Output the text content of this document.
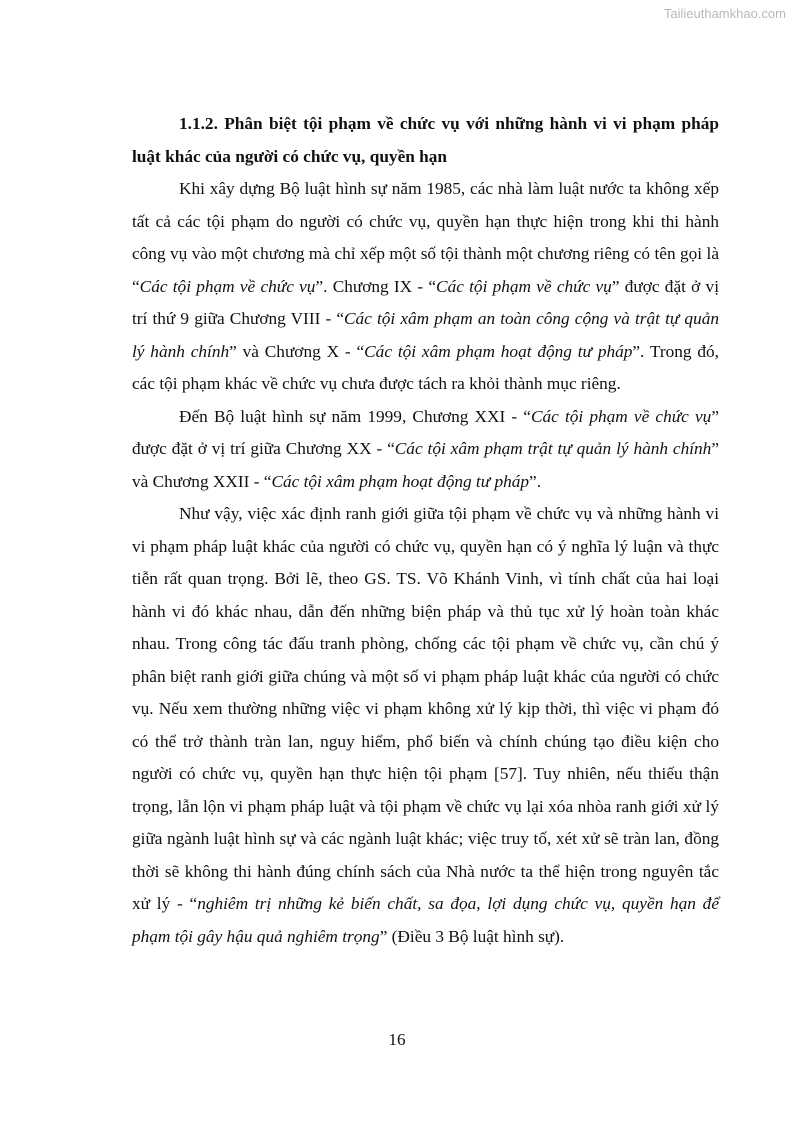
Tailieuthamkhao.com

1.1.2. Phân biệt tội phạm về chức vụ với những hành vi vi phạm pháp luật khác của người có chức vụ, quyền hạn

Khi xây dựng Bộ luật hình sự năm 1985, các nhà làm luật nước ta không xếp tất cả các tội phạm do người có chức vụ, quyền hạn thực hiện trong khi thi hành công vụ vào một chương mà chỉ xếp một số tội thành một chương riêng có tên gọi là “Các tội phạm về chức vụ”. Chương IX - “Các tội phạm về chức vụ” được đặt ở vị trí thứ 9 giữa Chương VIII - “Các tội xâm phạm an toàn công cộng và trật tự quản lý hành chính” và Chương X - “Các tội xâm phạm hoạt động tư pháp”. Trong đó, các tội phạm khác về chức vụ chưa được tách ra khỏi thành mục riêng.

Đến Bộ luật hình sự năm 1999, Chương XXI - “Các tội phạm về chức vụ” được đặt ở vị trí giữa Chương XX - “Các tội xâm phạm trật tự quản lý hành chính” và Chương XXII - “Các tội xâm phạm hoạt động tư pháp”.

Như vậy, việc xác định ranh giới giữa tội phạm về chức vụ và những hành vi vi phạm pháp luật khác của người có chức vụ, quyền hạn có ý nghĩa lý luận và thực tiễn rất quan trọng. Bởi lẽ, theo GS. TS. Võ Khánh Vinh, vì tính chất của hai loại hành vi đó khác nhau, dẫn đến những biện pháp và thủ tục xử lý hoàn toàn khác nhau. Trong công tác đấu tranh phòng, chống các tội phạm về chức vụ, cần chú ý phân biệt ranh giới giữa chúng và một số vi phạm pháp luật khác của người có chức vụ. Nếu xem thường những việc vi phạm không xử lý kịp thời, thì việc vi phạm đó có thể trở thành tràn lan, nguy hiểm, phổ biến và chính chúng tạo điều kiện cho người có chức vụ, quyền hạn thực hiện tội phạm [57]. Tuy nhiên, nếu thiếu thận trọng, lẫn lộn vi phạm pháp luật và tội phạm về chức vụ lại xóa nhòa ranh giới xử lý giữa ngành luật hình sự và các ngành luật khác; việc truy tố, xét xử sẽ tràn lan, đồng thời sẽ không thi hành đúng chính sách của Nhà nước ta thể hiện trong nguyên tắc xử lý - “nghiêm trị những kẻ biến chất, sa đọa, lợi dụng chức vụ, quyền hạn để phạm tội gây hậu quả nghiêm trọng” (Điều 3 Bộ luật hình sự).

16
